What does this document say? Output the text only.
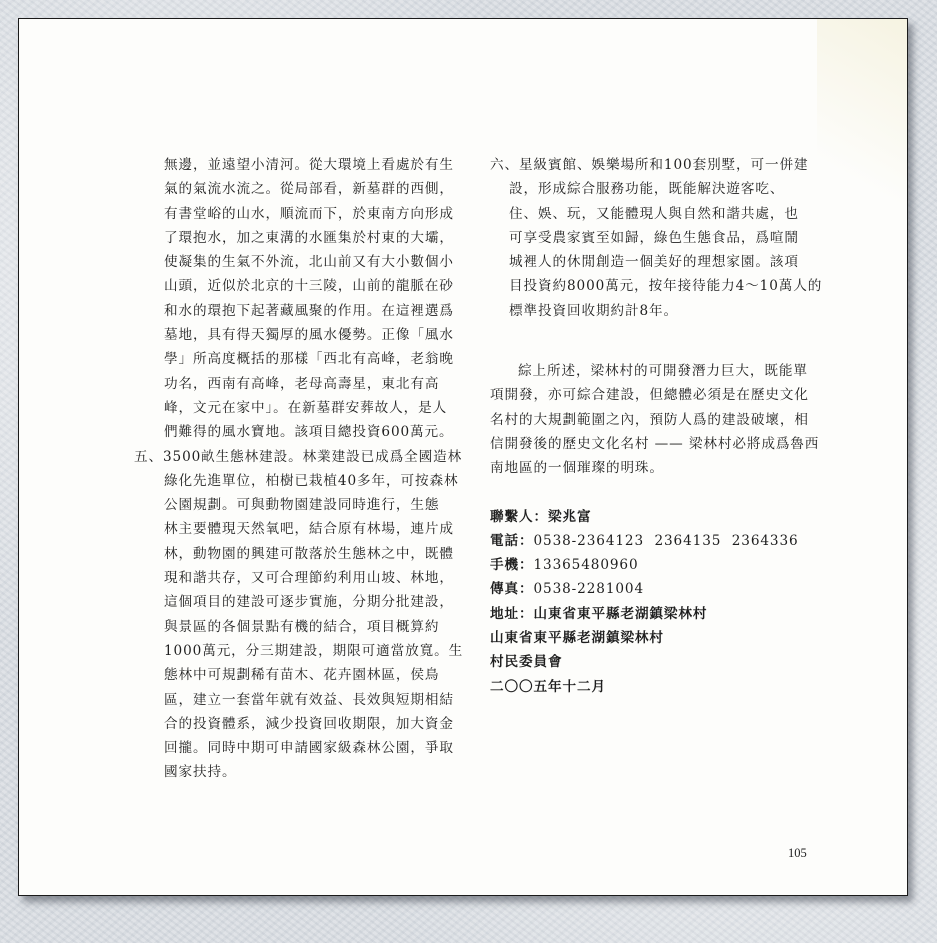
無邊，並遠望小清河。從大環境上看處於有生
氣的氣流水流之。從局部看，新墓群的西側，
有書堂峪的山水，順流而下，於東南方向形成
了環抱水，加之東溝的水匯集於村東的大壩，
使凝集的生氣不外流，北山前又有大小數個小
山頭，近似於北京的十三陵，山前的龍脈在砂
和水的環抱下起著藏風聚的作用。在這裡選爲
墓地，具有得天獨厚的風水優勢。正像「風水
學」所高度概括的那樣「西北有高峰，老翁晚
功名，西南有高峰，老母高壽星，東北有高
峰，文元在家中」。在新墓群安葬故人，是人
們難得的風水寶地。該項目總投資600萬元。
五、3500畝生態林建設。林業建設已成爲全國造林
綠化先進單位，柏樹已栽植40多年，可按森林
公園規劃。可與動物園建設同時進行，生態
林主要體現天然氧吧，結合原有林場，連片成
林，動物園的興建可散落於生態林之中，既體
現和諧共存，又可合理節約利用山坡、林地，
這個項目的建設可逐步實施，分期分批建設，
與景區的各個景點有機的結合，項目概算約
1000萬元，分三期建設，期限可適當放寬。生
態林中可規劃稀有苗木、花卉園林區，侯鳥
區，建立一套當年就有效益、長效與短期相結
合的投資體系，減少投資回收期限，加大資金
回攏。同時中期可申請國家級森林公園，爭取
國家扶持。
六、星級賓館、娛樂場所和100套別墅，可一併建
設，形成綜合服務功能，既能解決遊客吃、
住、娛、玩，又能體現人與自然和諧共處，也
可享受農家賓至如歸，綠色生態食品，爲喧鬧
城裡人的休閒創造一個美好的理想家園。該項
目投資約8000萬元，按年接待能力4～10萬人的
標準投資回收期約計8年。
綜上所述，梁林村的可開發潛力巨大，既能單
項開發，亦可綜合建設，但總體必須是在歷史文化
名村的大規劃範圍之內，預防人爲的建設破壞，相
信開發後的歷史文化名村 —— 梁林村必將成爲魯西
南地區的一個璀璨的明珠。
聯繫人：梁兆富
電話：0538-2364123  2364135  2364336
手機：13365480960
傳真：0538-2281004
地址：山東省東平縣老湖鎮梁林村
山東省東平縣老湖鎮梁林村
村民委員會
二〇〇五年十二月
105
